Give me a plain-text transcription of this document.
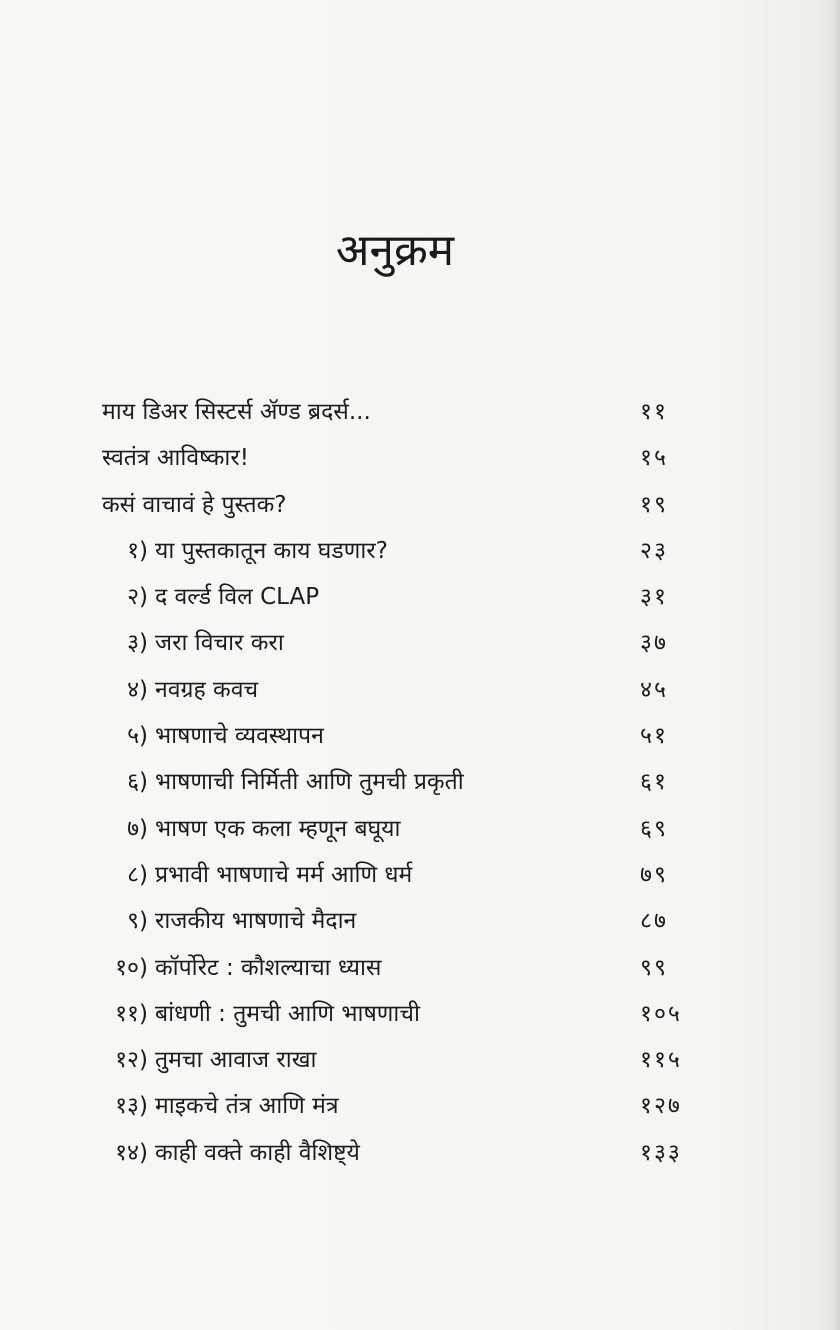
अनुक्रम
माय डिअर सिस्टर्स ॲण्ड ब्रदर्स...	११
स्वतंत्र आविष्कार!	१५
कसं वाचावं हे पुस्तक?	१९
१) या पुस्तकातून काय घडणार?	२३
२) द वर्ल्ड विल CLAP	३१
३) जरा विचार करा	३७
४) नवग्रह कवच	४५
५) भाषणाचे व्यवस्थापन	५१
६) भाषणाची निर्मिती आणि तुमची प्रकृती	६१
७) भाषण एक कला म्हणून बघूया	६९
८) प्रभावी भाषणाचे मर्म आणि धर्म	७९
९) राजकीय भाषणाचे मैदान	८७
१०) कॉर्पोरेट : कौशल्याचा ध्यास	९९
११) बांधणी : तुमची आणि भाषणाची	१०५
१२) तुमचा आवाज राखा	११५
१३) माइकचे तंत्र आणि मंत्र	१२७
१४) काही वक्ते काही वैशिष्ट्ये	१३३
